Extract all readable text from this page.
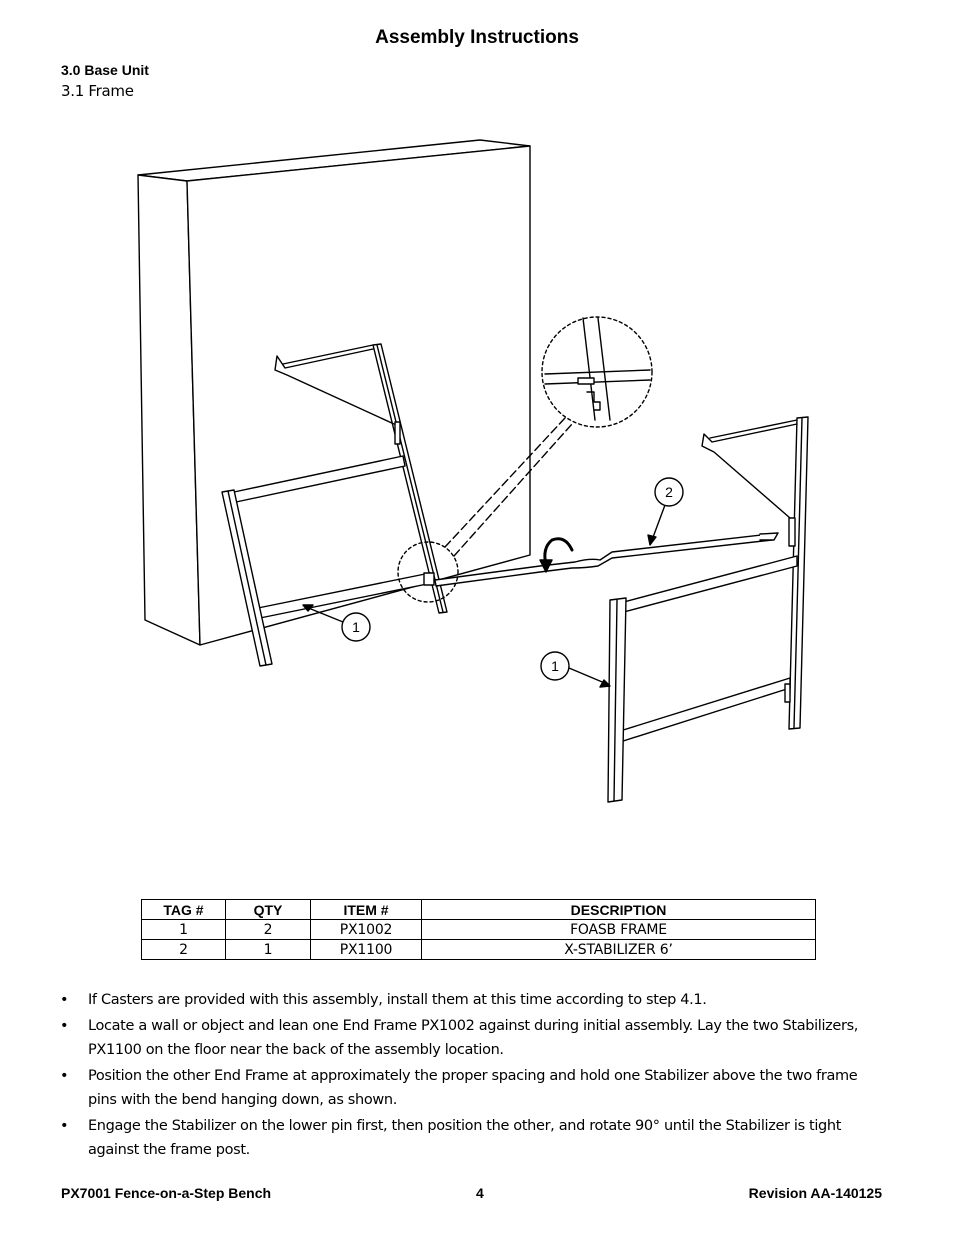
Assembly Instructions
3.0 Base Unit
3.1 Frame
1
1
2
TAG #	QTY	ITEM #	DESCRIPTION
1	2	PX1002	FOASB FRAME
2	1	PX1100	X-STABILIZER 6’
• If Casters are provided with this assembly, install them at this time according to step 4.1.
• Locate a wall or object and lean one End Frame PX1002 against during initial assembly. Lay the two Stabilizers, PX1100 on the floor near the back of the assembly location.
• Position the other End Frame at approximately the proper spacing and hold one Stabilizer above the two frame pins with the bend hanging down, as shown.
• Engage the Stabilizer on the lower pin first, then position the other, and rotate 90° until the Stabilizer is tight against the frame post.
PX7001 Fence-on-a-Step Bench	4	Revision AA-140125
